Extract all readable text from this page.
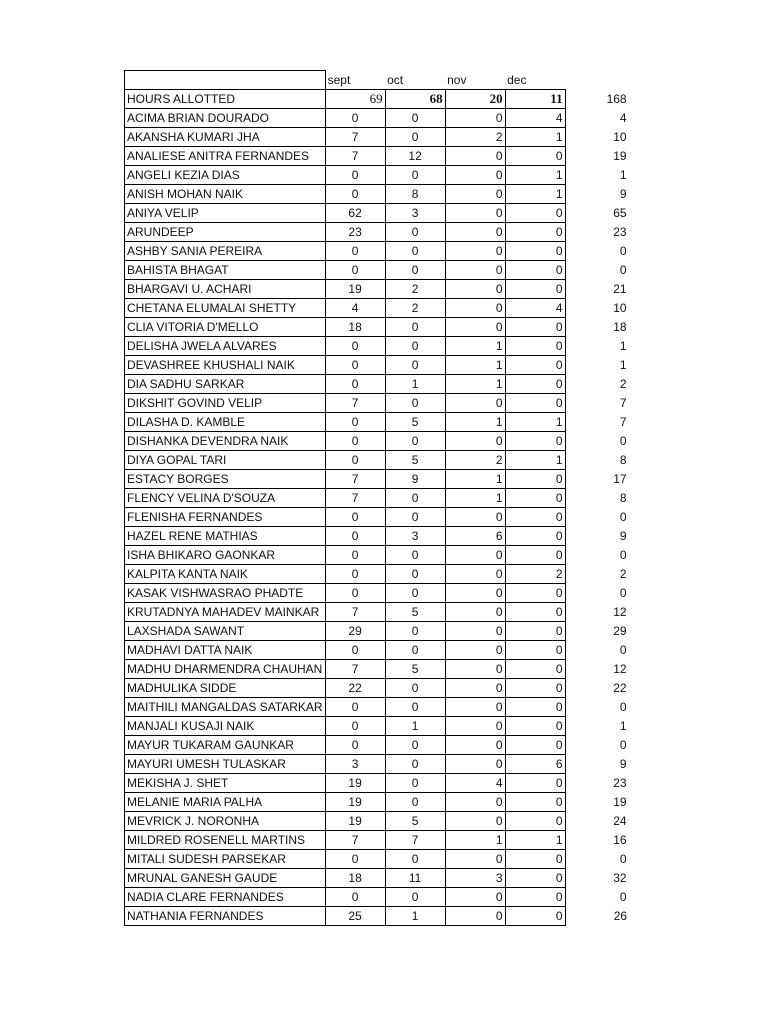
	sept	oct	nov	dec	
HOURS ALLOTTED	69	68	20	11	168
ACIMA BRIAN DOURADO	0	0	0	4	4
AKANSHA KUMARI JHA	7	0	2	1	10
ANALIESE ANITRA FERNANDES	7	12	0	0	19
ANGELI KEZIA DIAS	0	0	0	1	1
ANISH MOHAN NAIK	0	8	0	1	9
ANIYA VELIP	62	3	0	0	65
ARUNDEEP	23	0	0	0	23
ASHBY SANIA PEREIRA	0	0	0	0	0
BAHISTA BHAGAT	0	0	0	0	0
BHARGAVI U. ACHARI	19	2	0	0	21
CHETANA ELUMALAI SHETTY	4	2	0	4	10
CLIA VITORIA D'MELLO	18	0	0	0	18
DELISHA JWELA ALVARES	0	0	1	0	1
DEVASHREE KHUSHALI NAIK	0	0	1	0	1
DIA SADHU SARKAR	0	1	1	0	2
DIKSHIT GOVIND VELIP	7	0	0	0	7
DILASHA D. KAMBLE	0	5	1	1	7
DISHANKA DEVENDRA NAIK	0	0	0	0	0
DIYA GOPAL TARI	0	5	2	1	8
ESTACY BORGES	7	9	1	0	17
FLENCY VELINA D'SOUZA	7	0	1	0	8
FLENISHA FERNANDES	0	0	0	0	0
HAZEL RENE MATHIAS	0	3	6	0	9
ISHA BHIKARO GAONKAR	0	0	0	0	0
KALPITA KANTA NAIK	0	0	0	2	2
KASAK VISHWASRAO PHADTE	0	0	0	0	0
KRUTADNYA MAHADEV MAINKAR	7	5	0	0	12
LAXSHADA SAWANT	29	0	0	0	29
MADHAVI DATTA NAIK	0	0	0	0	0
MADHU DHARMENDRA CHAUHAN	7	5	0	0	12
MADHULIKA SIDDE	22	0	0	0	22
MAITHILI MANGALDAS SATARKAR	0	0	0	0	0
MANJALI KUSAJI NAIK	0	1	0	0	1
MAYUR TUKARAM GAUNKAR	0	0	0	0	0
MAYURI UMESH TULASKAR	3	0	0	6	9
MEKISHA J. SHET	19	0	4	0	23
MELANIE MARIA PALHA	19	0	0	0	19
MEVRICK J. NORONHA	19	5	0	0	24
MILDRED ROSENELL MARTINS	7	7	1	1	16
MITALI SUDESH PARSEKAR	0	0	0	0	0
MRUNAL GANESH GAUDE	18	11	3	0	32
NADIA CLARE FERNANDES	0	0	0	0	0
NATHANIA FERNANDES	25	1	0	0	26
